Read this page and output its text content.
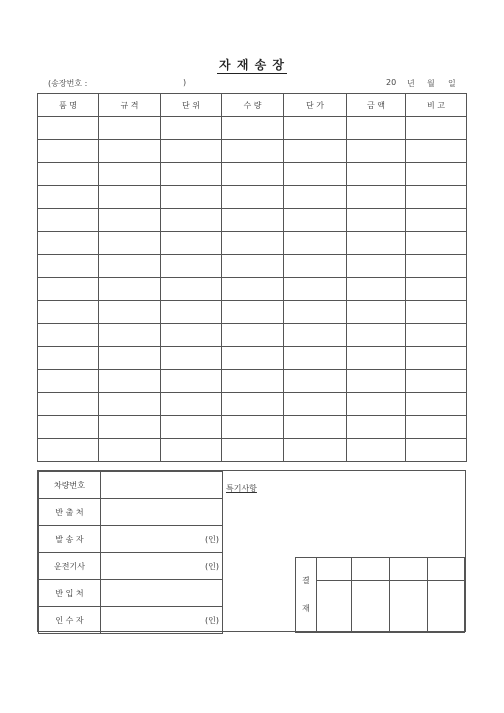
자 재 송 장
(송장번호 :	)	20 년 월 일
품 명	규 격	단 위	수 량	단 가	금 액	비 고

차량번호	
반 출 처	
발 송 자	(인)
운전기사	(인)
반 입 처	
인 수 자	(인)
특기사항
결
재				
